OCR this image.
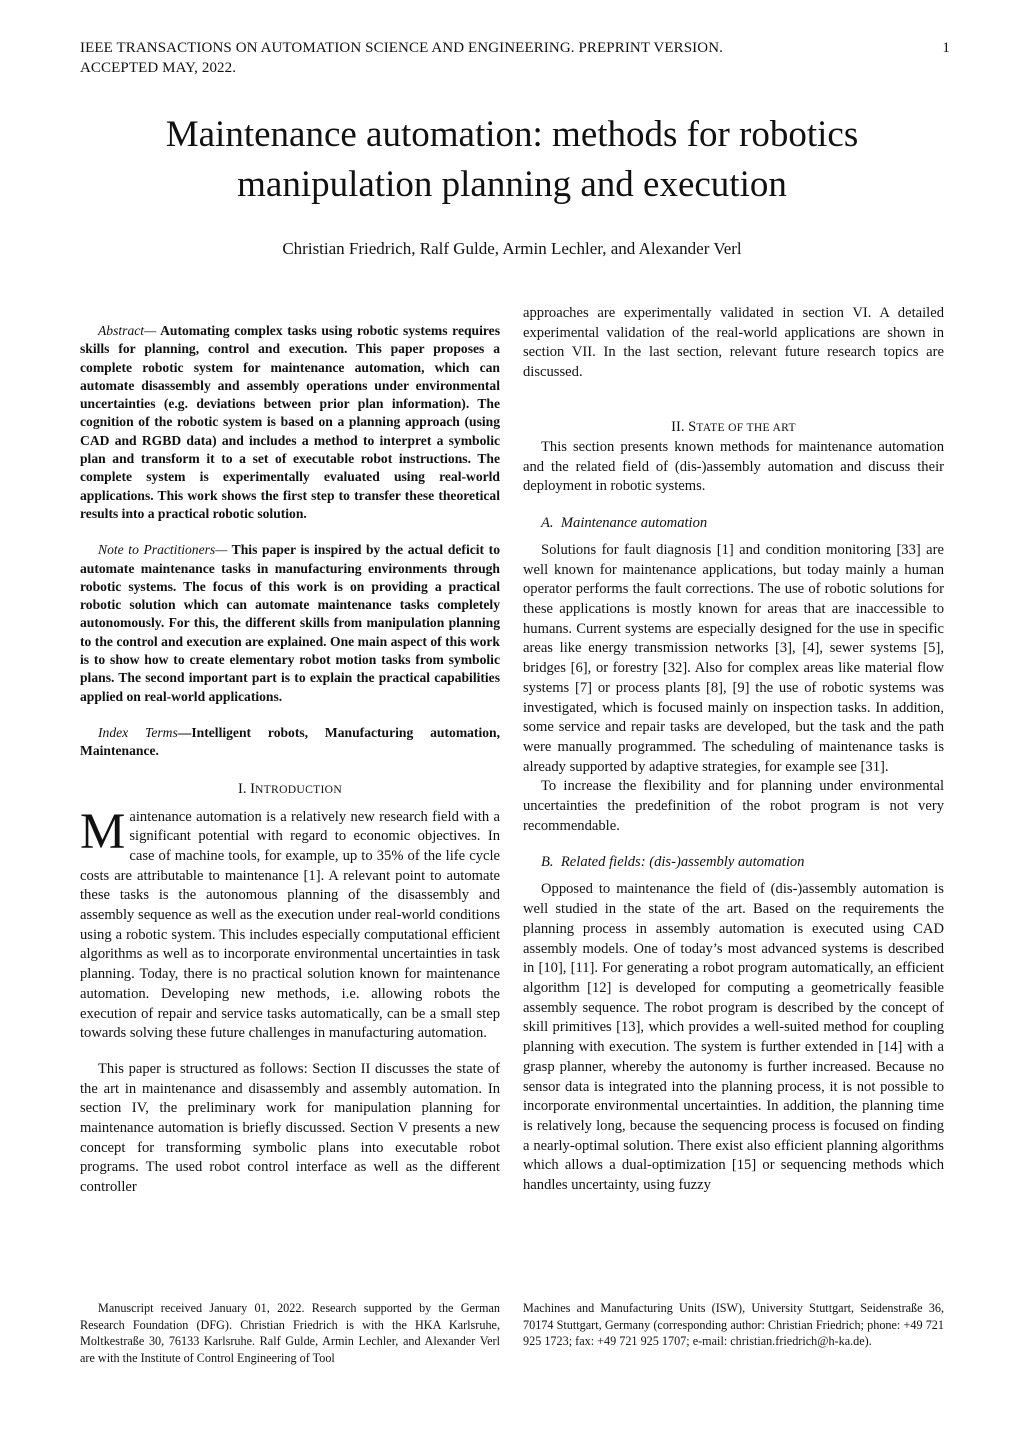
IEEE TRANSACTIONS ON AUTOMATION SCIENCE AND ENGINEERING. PREPRINT VERSION.
ACCEPTED MAY, 2022.
1
Maintenance automation: methods for robotics
manipulation planning and execution
Christian Friedrich, Ralf Gulde, Armin Lechler, and Alexander Verl

Abstract— Automating complex tasks using robotic systems requires skills for planning, control and execution. This paper proposes a complete robotic system for maintenance automation, which can automate disassembly and assembly operations under environmental uncertainties (e.g. deviations between prior plan information). The cognition of the robotic system is based on a planning approach (using CAD and RGBD data) and includes a method to interpret a symbolic plan and transform it to a set of executable robot instructions. The complete system is experimentally evaluated using real-world applications. This work shows the first step to transfer these theoretical results into a practical robotic solution.

Note to Practitioners— This paper is inspired by the actual deficit to automate maintenance tasks in manufacturing environments through robotic systems. The focus of this work is on providing a practical robotic solution which can automate maintenance tasks completely autonomously. For this, the different skills from manipulation planning to the control and execution are explained. One main aspect of this work is to show how to create elementary robot motion tasks from symbolic plans. The second important part is to explain the practical capabilities applied on real-world applications.

Index Terms—Intelligent robots, Manufacturing automation, Maintenance.

I. INTRODUCTION

Maintenance automation is a relatively new research field with a significant potential with regard to economic objectives. In case of machine tools, for example, up to 35% of the life cycle costs are attributable to maintenance [1]. A relevant point to automate these tasks is the autonomous planning of the disassembly and assembly sequence as well as the execution under real-world conditions using a robotic system. This includes especially computational efficient algorithms as well as to incorporate environmental uncertainties in task planning. Today, there is no practical solution known for maintenance automation. Developing new methods, i.e. allowing robots the execution of repair and service tasks automatically, can be a small step towards solving these future challenges in manufacturing automation.

This paper is structured as follows: Section II discusses the state of the art in maintenance and disassembly and assembly automation. In section IV, the preliminary work for manipulation planning for maintenance automation is briefly discussed. Section V presents a new concept for transforming symbolic plans into executable robot programs. The used robot control interface as well as the different controller

approaches are experimentally validated in section VI. A detailed experimental validation of the real-world applications are shown in section VII. In the last section, relevant future research topics are discussed.

II. STATE OF THE ART

This section presents known methods for maintenance automation and the related field of (dis-)assembly automation and discuss their deployment in robotic systems.

A. Maintenance automation

Solutions for fault diagnosis [1] and condition monitoring [33] are well known for maintenance applications, but today mainly a human operator performs the fault corrections. The use of robotic solutions for these applications is mostly known for areas that are inaccessible to humans. Current systems are especially designed for the use in specific areas like energy transmission networks [3], [4], sewer systems [5], bridges [6], or forestry [32]. Also for complex areas like material flow systems [7] or process plants [8], [9] the use of robotic systems was investigated, which is focused mainly on inspection tasks. In addition, some service and repair tasks are developed, but the task and the path were manually programmed. The scheduling of maintenance tasks is already supported by adaptive strategies, for example see [31].

To increase the flexibility and for planning under environmental uncertainties the predefinition of the robot program is not very recommendable.

B. Related fields: (dis-)assembly automation

Opposed to maintenance the field of (dis-)assembly automation is well studied in the state of the art. Based on the requirements the planning process in assembly automation is executed using CAD assembly models. One of today’s most advanced systems is described in [10], [11]. For generating a robot program automatically, an efficient algorithm [12] is developed for computing a geometrically feasible assembly sequence. The robot program is described by the concept of skill primitives [13], which provides a well-suited method for coupling planning with execution. The system is further extended in [14] with a grasp planner, whereby the autonomy is further increased. Because no sensor data is integrated into the planning process, it is not possible to incorporate environmental uncertainties. In addition, the planning time is relatively long, because the sequencing process is focused on finding a nearly-optimal solution. There exist also efficient planning algorithms which allows a dual-optimization [15] or sequencing methods which handles uncertainty, using fuzzy

Manuscript received January 01, 2022. Research supported by the German Research Foundation (DFG). Christian Friedrich is with the HKA Karlsruhe, Moltkestraße 30, 76133 Karlsruhe. Ralf Gulde, Armin Lechler, and Alexander Verl are with the Institute of Control Engineering of Tool
Machines and Manufacturing Units (ISW), University Stuttgart, Seidenstraße 36, 70174 Stuttgart, Germany (corresponding author: Christian Friedrich; phone: +49 721 925 1723; fax: +49 721 925 1707; e-mail: christian.friedrich@h-ka.de).
